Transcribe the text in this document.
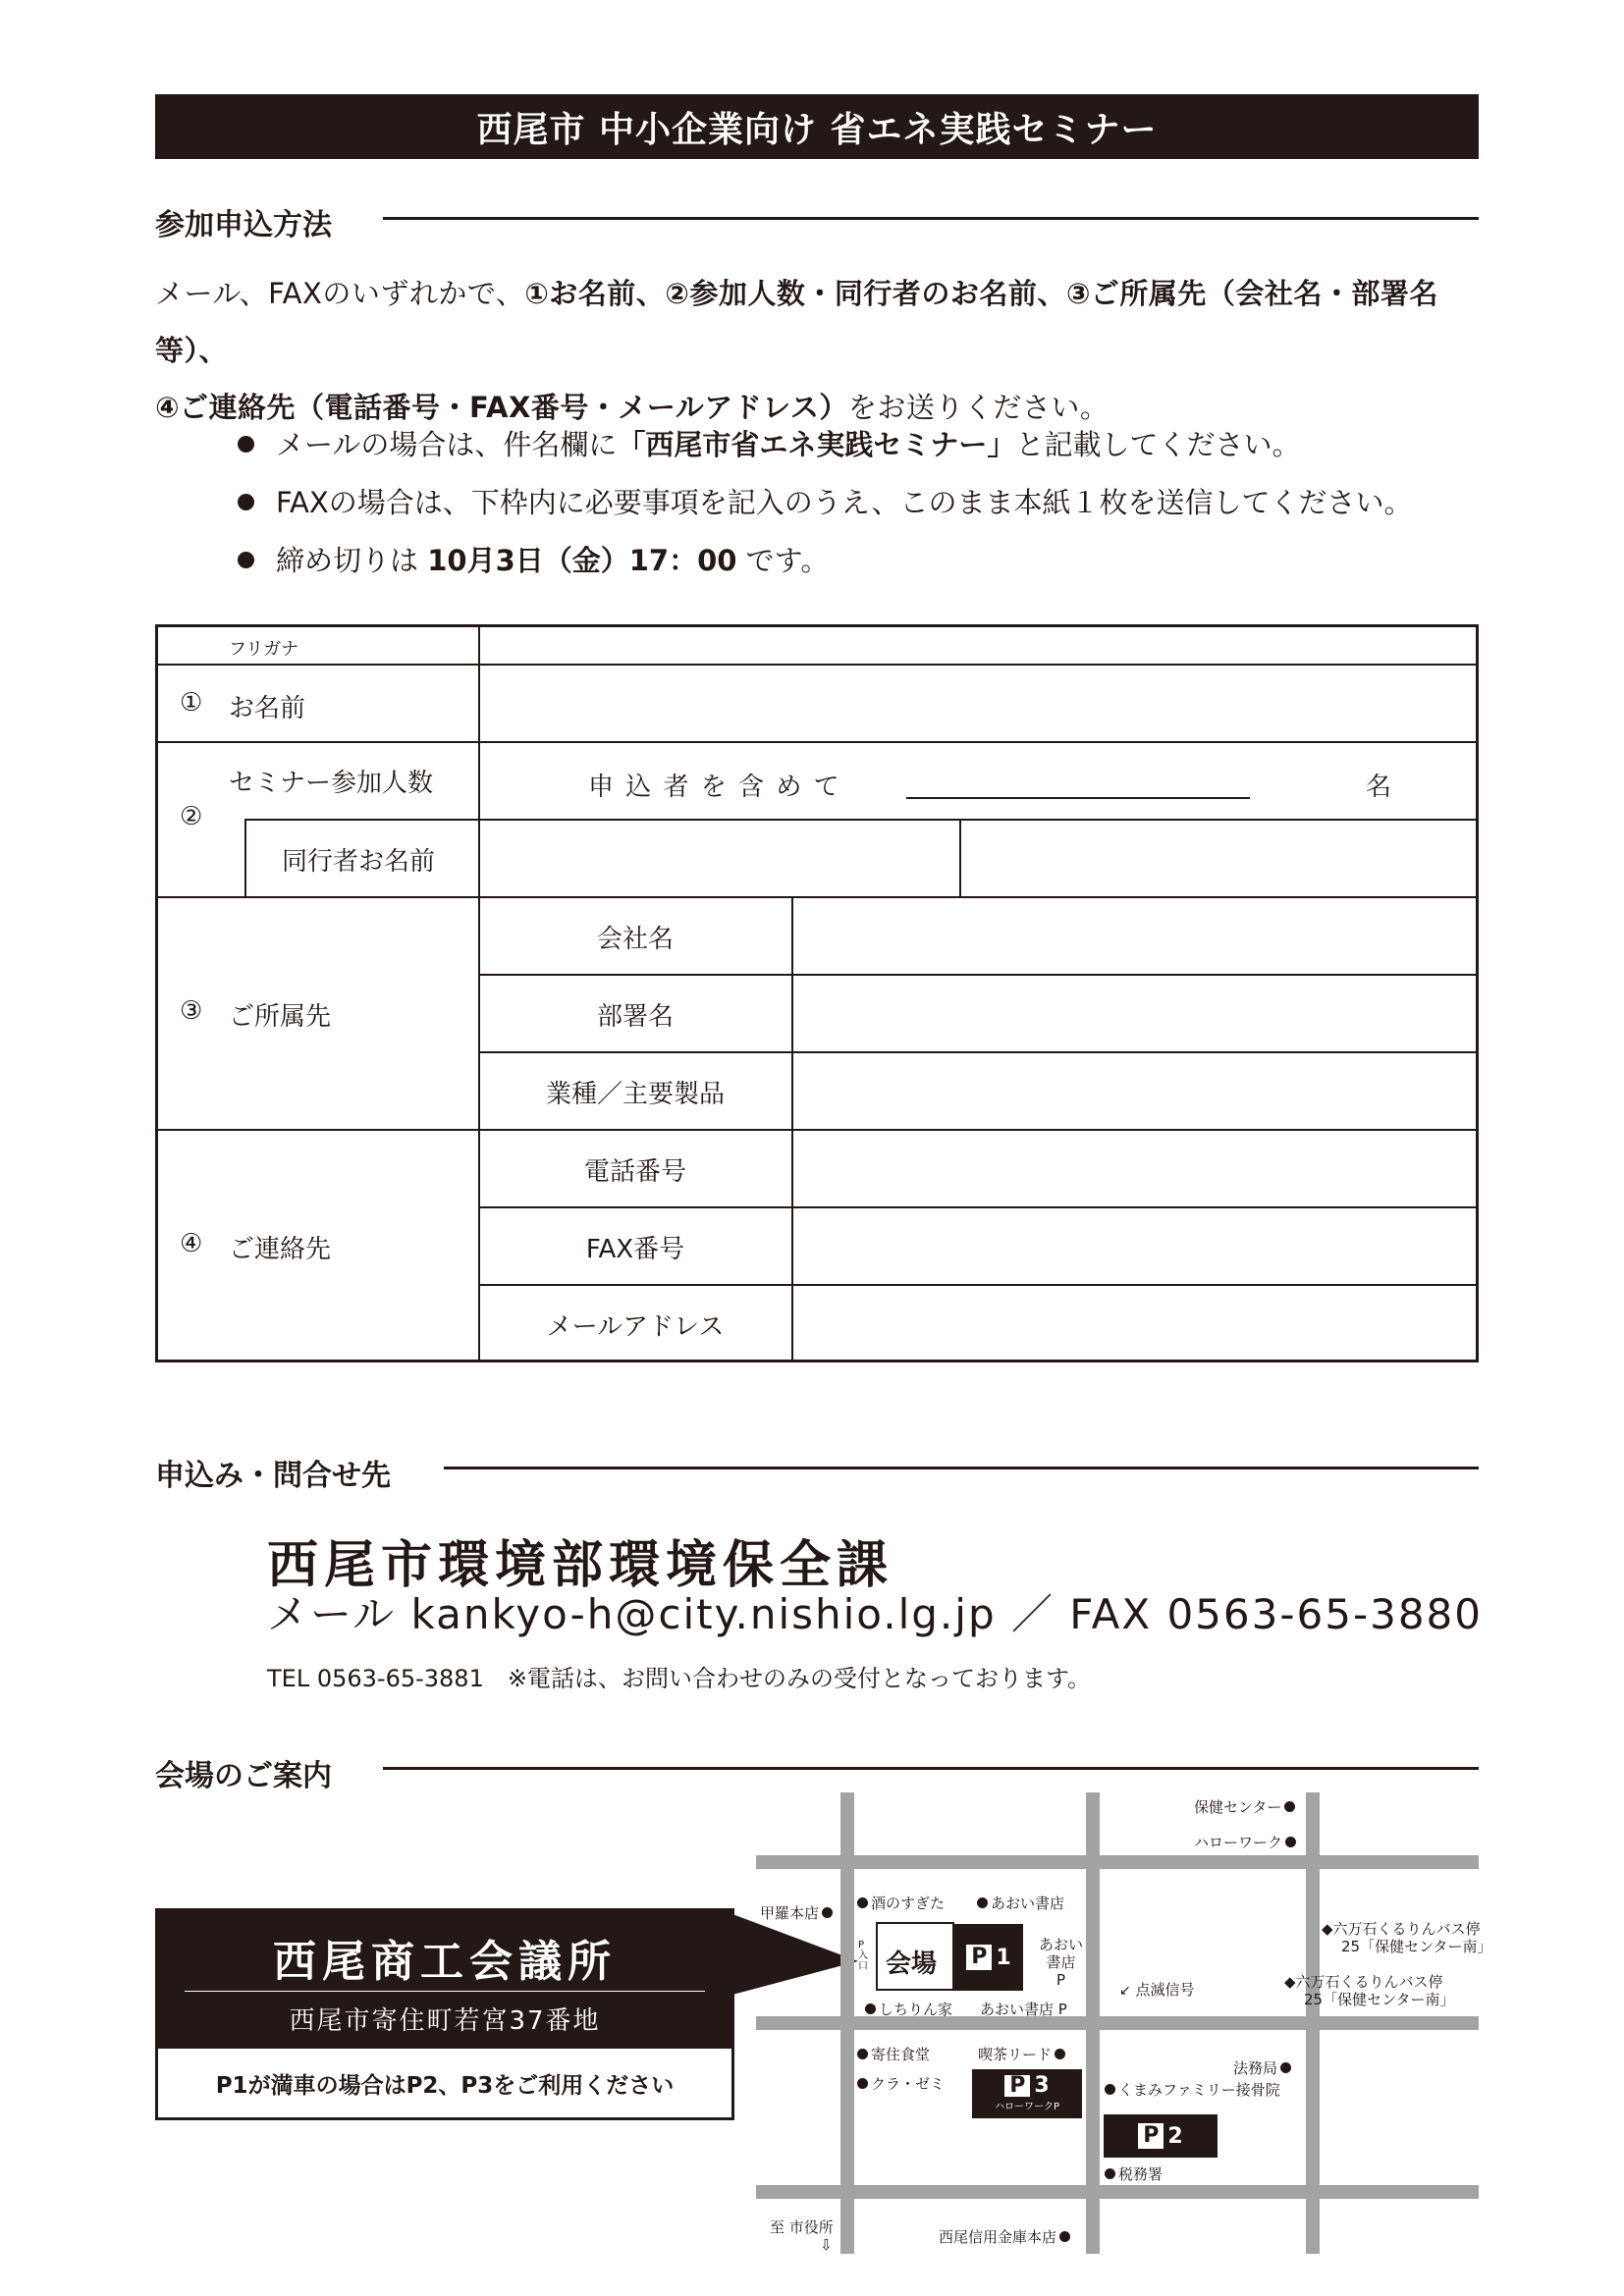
西尾市 中小企業向け 省エネ実践セミナー
参加申込方法
メール、FAXのいずれかで、①お名前、②参加人数・同行者のお名前、③ご所属先（会社名・部署名等）、
④ご連絡先（電話番号・FAX番号・メールアドレス）をお送りください。
メールの場合は、件名欄に「西尾市省エネ実践セミナー」と記載してください。
FAXの場合は、下枠内に必要事項を記入のうえ、このまま本紙１枚を送信してください。
締め切りは 10月3日（金）17：00 です。
フリガナ
① お名前
②
セミナー参加人数	申 込 者 を 含 め て	名
同行者お名前
③ ご所属先
会社名
部署名
業種／主要製品
④ ご連絡先
電話番号
FAX番号
メールアドレス
申込み・問合せ先
西尾市環境部環境保全課
メール kankyo-h@city.nishio.lg.jp ／ FAX 0563-65-3880
TEL 0563-65-3881　※電話は、お問い合わせのみの受付となっております。
会場のご案内
西尾商工会議所
西尾市寄住町若宮37番地
P1が満車の場合はP2、P3をご利用ください
保健センター
ハローワーク
甲羅本店
酒のすぎた	あおい書店
◆六万石くるりんバス停
25「保健センター南」
◆六万石くるりんバス停
25「保健センター南」
P入口 会場 P 1
あおい
書店
P
↙ 点滅信号
しちりん家 あおい書店 P
寄住食堂	喫茶リード
法務局
クラ・ゼミ	P 3
ハローワークP
くまみファミリー接骨院
P 2
税務署
至 市役所
⇩	西尾信用金庫本店
